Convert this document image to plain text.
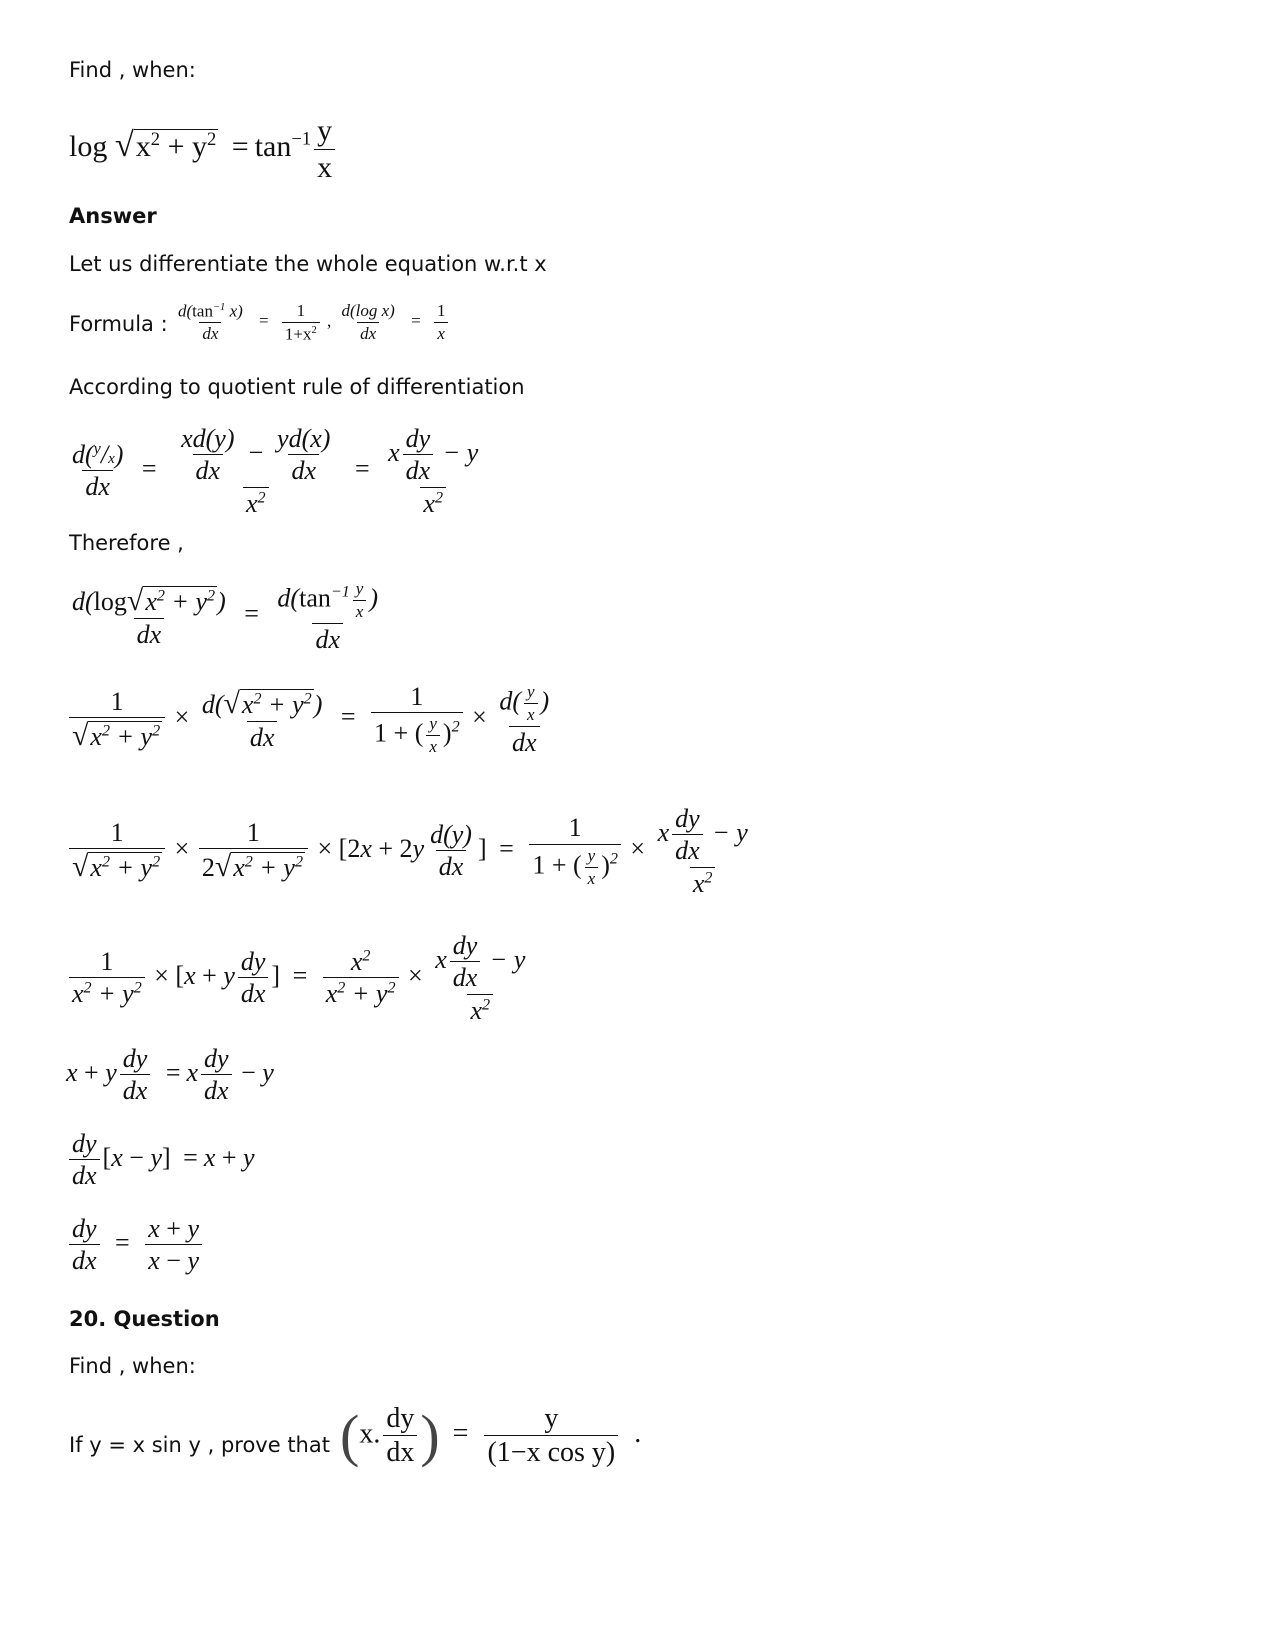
Find , when:
$\log √x^2 + y^2 = \tan^{-1} \frac{y}{x}$
Answer
Let us differentiate the whole equation w.r.t x
Formula : $\frac{d(\tan^{-1} x)}{dx} = \frac{1}{1+x^2}$ , $\frac{\text{d(log x)}}{dx} = \frac{1}{x}$
According to quotient rule of differentiation
$\frac{d(^y/x)}{dx} = \frac{\frac{xd(y)}{dx} - \frac{yd(x)}{dx}}{x^2} = \frac{x \frac{dy}{dx} - y}{x^2}$
Therefore ,
$\frac{d(\log√x^2 + y^2)}{dx} = \frac{d(\tan^{-1} \frac{y}{x} )}{dx}$
$\frac{1}{√x^2 + y^2} \times \frac{d(√x^2 + y^2)}{dx} = \frac{1}{1 + ( \frac{y}{x} )^2} \times \frac{d( \frac{y}{x} )}{dx}$
$\frac{1}{√x^2 + y^2} \times \frac{1}{2√x^2 + y^2} \times [2x + 2y \frac{d(y)}{dx}$ ] = $\frac{1}{1 + ( \frac{y}{x} )^2} \times \frac{x \frac{dy}{dx} - y}{x^2}$
$\frac{1}{x^2 + y^2} \times [x + y \frac{dy}{dx}$ ] = $\frac{x^2}{x^2 + y^2} \times \frac{x \frac{dy}{dx} - y}{x^2}$
x + y $\frac{dy}{dx} = x \frac{dy}{dx} - y$
$\frac{dy}{dx} [x - y] = x + y$
$\frac{dy}{dx} = \frac{x + y}{x - y}$
20. Question
Find , when:
If y = x sin y , prove that (x. $\frac{dy}{dx}$ ) = $\frac{y}{\text{(1−x cos y)}}$ .
